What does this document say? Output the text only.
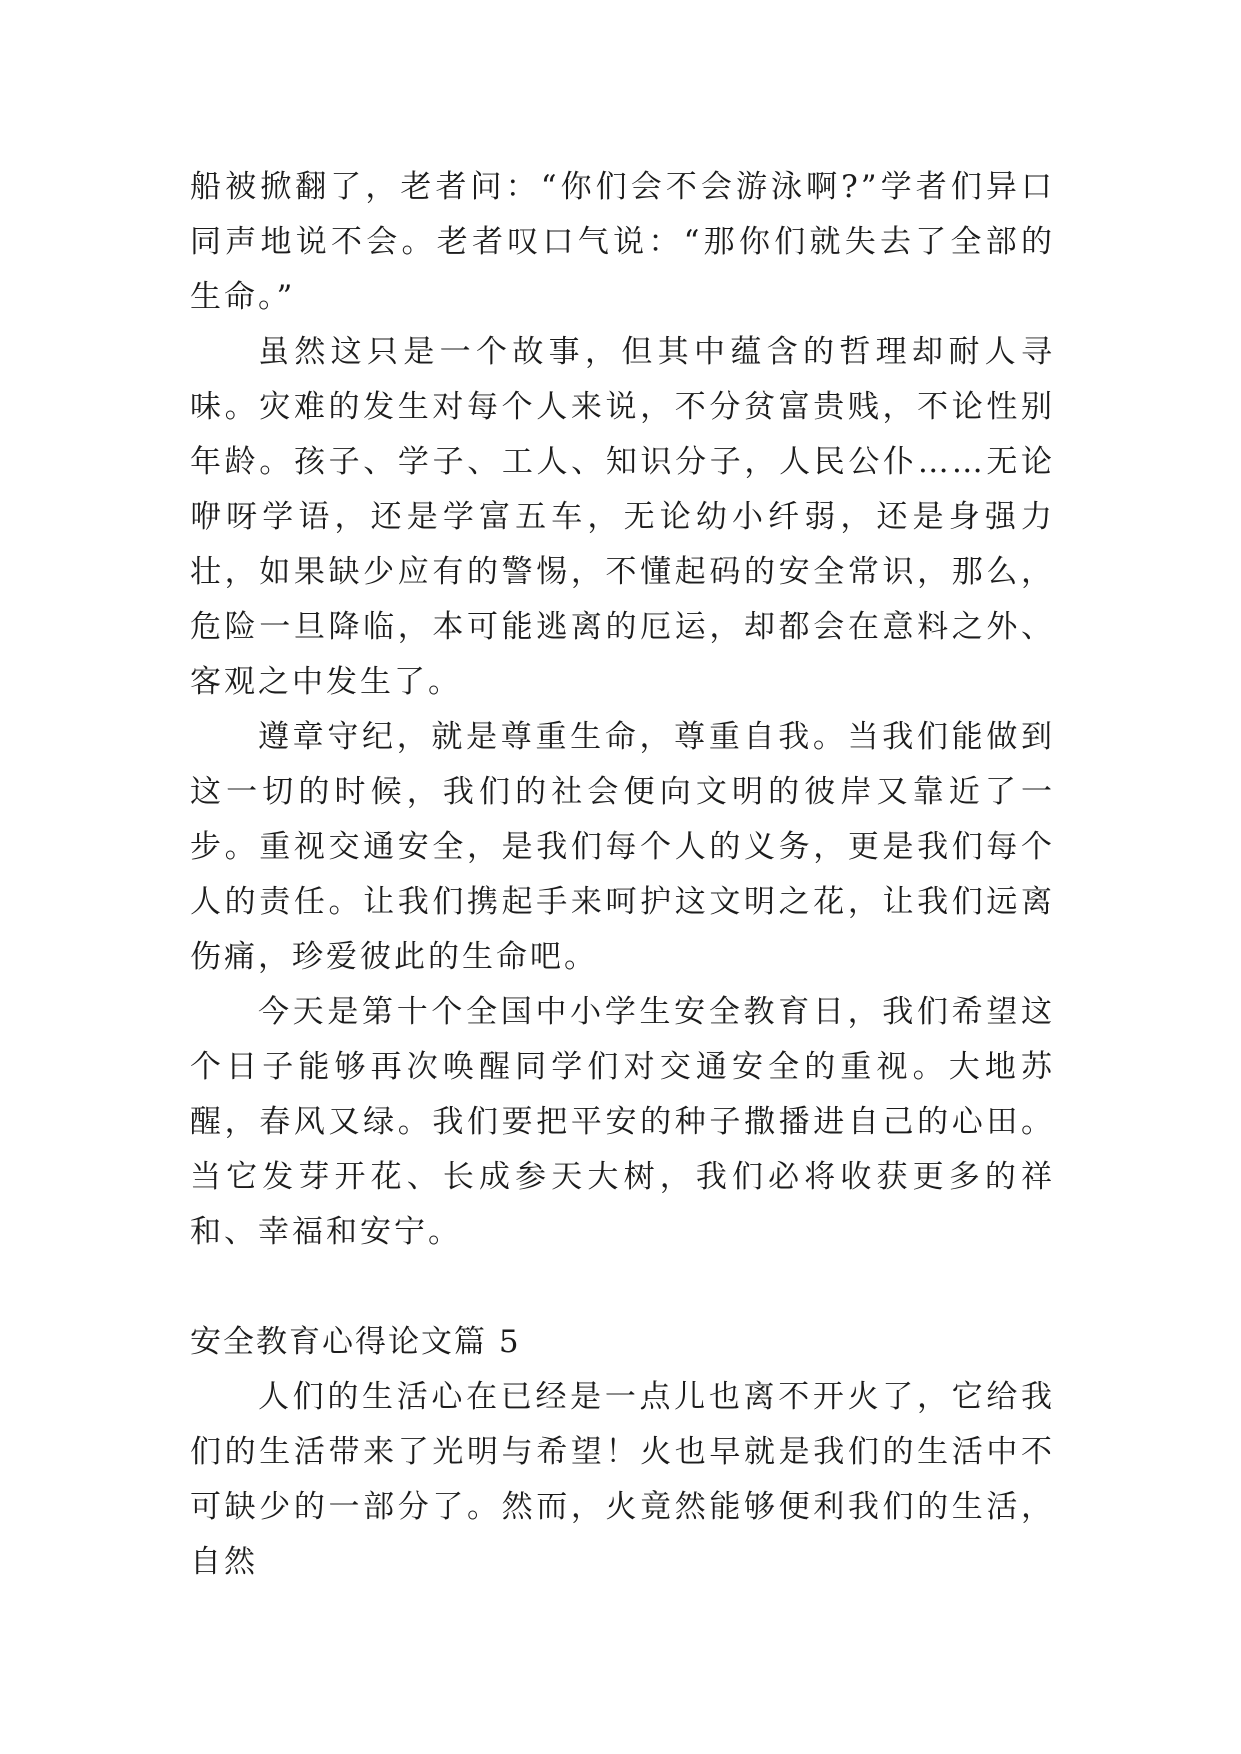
船被掀翻了，老者问：“你们会不会游泳啊?”学者们异口同声地说不会。老者叹口气说：“那你们就失去了全部的生命。”

虽然这只是一个故事，但其中蕴含的哲理却耐人寻味。灾难的发生对每个人来说，不分贫富贵贱，不论性别年龄。孩子、学子、工人、知识分子，人民公仆……无论咿呀学语，还是学富五车，无论幼小纤弱，还是身强力壮，如果缺少应有的警惕，不懂起码的安全常识，那么，危险一旦降临，本可能逃离的厄运，却都会在意料之外、客观之中发生了。

遵章守纪，就是尊重生命，尊重自我。当我们能做到这一切的时候，我们的社会便向文明的彼岸又靠近了一步。重视交通安全，是我们每个人的义务，更是我们每个人的责任。让我们携起手来呵护这文明之花，让我们远离伤痛，珍爱彼此的生命吧。

今天是第十个全国中小学生安全教育日，我们希望这个日子能够再次唤醒同学们对交通安全的重视。大地苏醒，春风又绿。我们要把平安的种子撒播进自己的心田。当它发芽开花、长成参天大树，我们必将收获更多的祥和、幸福和安宁。

安全教育心得论文篇 5

人们的生活心在已经是一点儿也离不开火了，它给我们的生活带来了光明与希望！火也早就是我们的生活中不可缺少的一部分了。然而，火竟然能够便利我们的生活，自然
